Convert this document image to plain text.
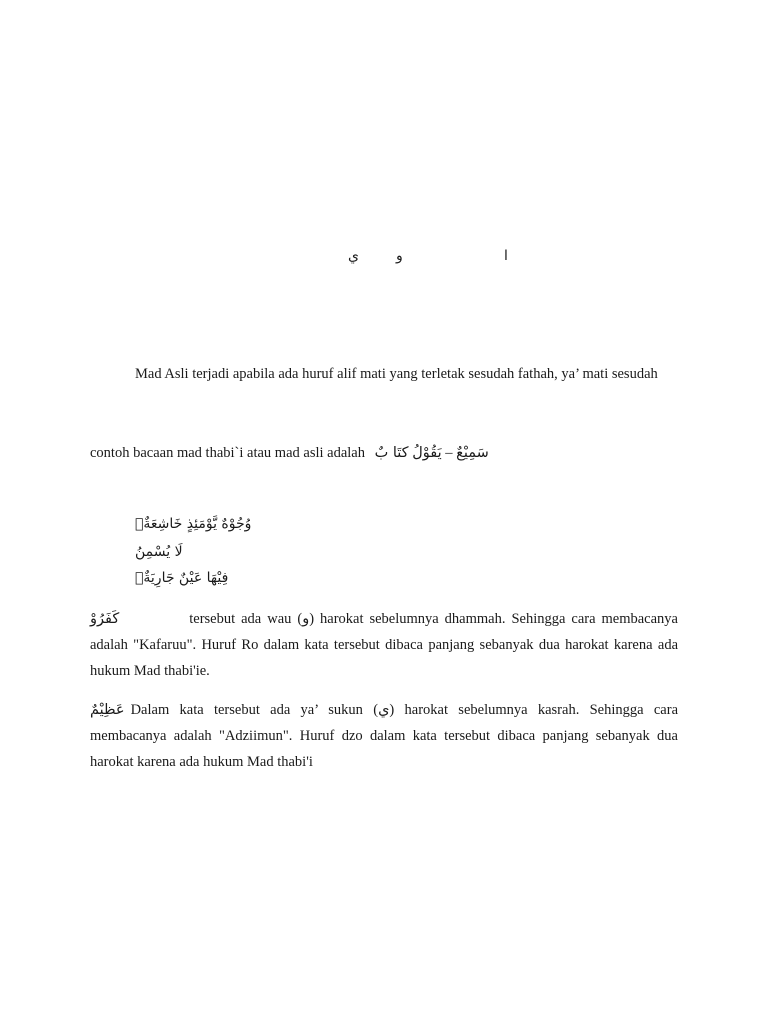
ي	و	ا
Mad Asli terjadi apabila ada huruf alif mati yang terletak sesudah fathah, ya’ mati sesudah
contoh bacaan mad thabi`i atau mad asli adalah	سَمِيْعٌ – يَقُوْلُ كتَا بٌ
وُجُوْهٌ يَّوْمَئِذٍ خَاشِعَةٌۙ
لَا يُسْمِنُ
فِيْهَا عَيْنٌ جَارِيَةٌۘ
كَفَرُوْ	tersebut ada wau (و) harokat sebelumnya dhammah. Sehingga cara membacanya adalah "Kafaruu". Huruf Ro dalam kata tersebut dibaca panjang sebanyak dua harokat karena ada hukum Mad thabi'ie.
عَظِيْمٌ Dalam kata tersebut ada ya’ sukun (ي) harokat sebelumnya kasrah. Sehingga cara membacanya adalah "Adziimun". Huruf dzo dalam kata tersebut dibaca panjang sebanyak dua harokat karena ada hukum Mad thabi'i
